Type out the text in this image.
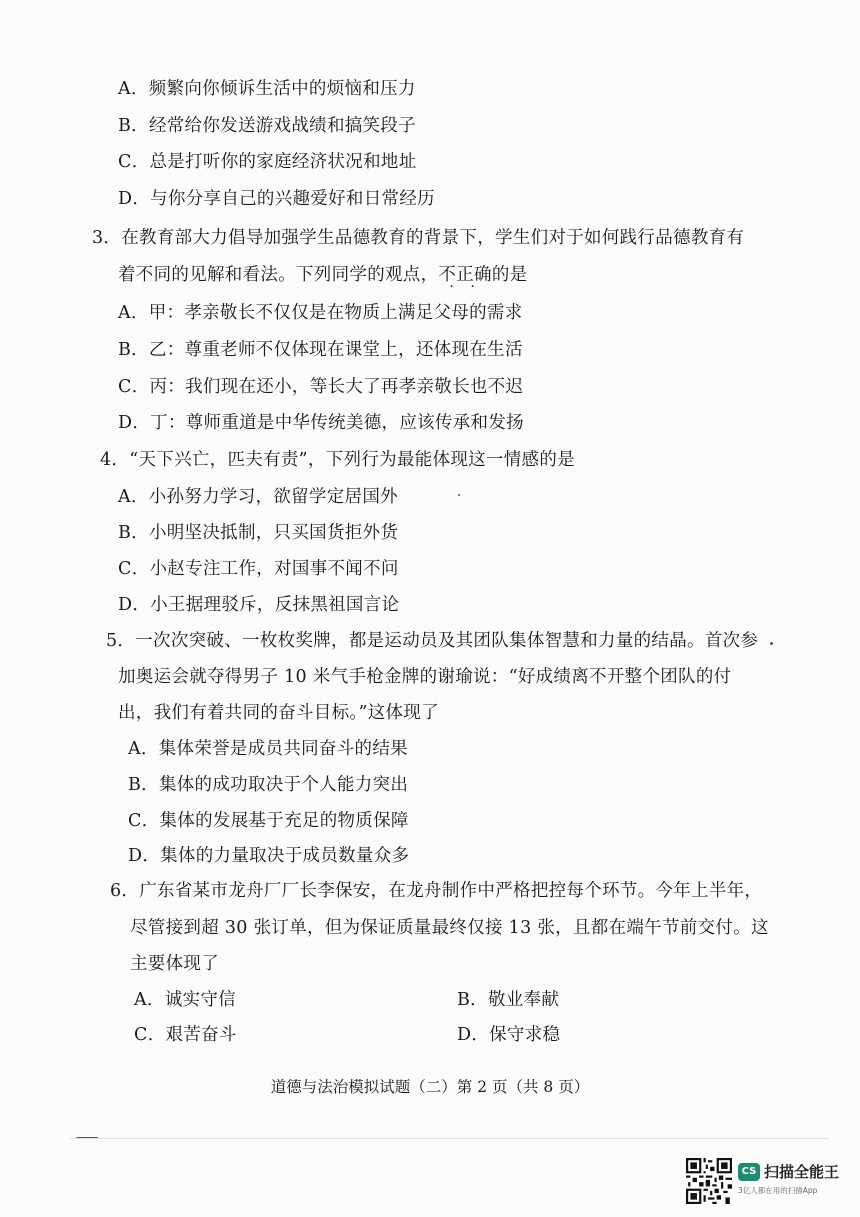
A．频繁向你倾诉生活中的烦恼和压力
B．经常给你发送游戏战绩和搞笑段子
C．总是打听你的家庭经济状况和地址
D．与你分享自己的兴趣爱好和日常经历
3．在教育部大力倡导加强学生品德教育的背景下，学生们对于如何践行品德教育有
着不同的见解和看法。下列同学的观点，不正确 · ·的是
A．甲：孝亲敬长不仅仅是在物质上满足父母的需求
B．乙：尊重老师不仅体现在课堂上，还体现在生活
C．丙：我们现在还小，等长大了再孝亲敬长也不迟
D．丁：尊师重道是中华传统美德，应该传承和发扬
4．“天下兴亡，匹夫有责”，下列行为最能体现这一情感的是
A．小孙努力学习，欲留学定居国外
B．小明坚决抵制，只买国货拒外货
C．小赵专注工作，对国事不闻不问
D．小王据理驳斥，反抹黑祖国言论
5．一次次突破、一枚枚奖牌，都是运动员及其团队集体智慧和力量的结晶。首次参
加奥运会就夺得男子 10 米气手枪金牌的谢瑜说：“好成绩离不开整个团队的付
出，我们有着共同的奋斗目标。”这体现了
A．集体荣誉是成员共同奋斗的结果
B．集体的成功取决于个人能力突出
C．集体的发展基于充足的物质保障
D．集体的力量取决于成员数量众多
6．广东省某市龙舟厂厂长李保安，在龙舟制作中严格把控每个环节。今年上半年，
尽管接到超 30 张订单，但为保证质量最终仅接 13 张，且都在端午节前交付。这
主要体现了
A．诚实守信	B．敬业奉献
C．艰苦奋斗	D．保守求稳
道德与法治模拟试题（二）第 2 页（共 8 页）
CS 扫描全能王
3亿人都在用的扫描App
